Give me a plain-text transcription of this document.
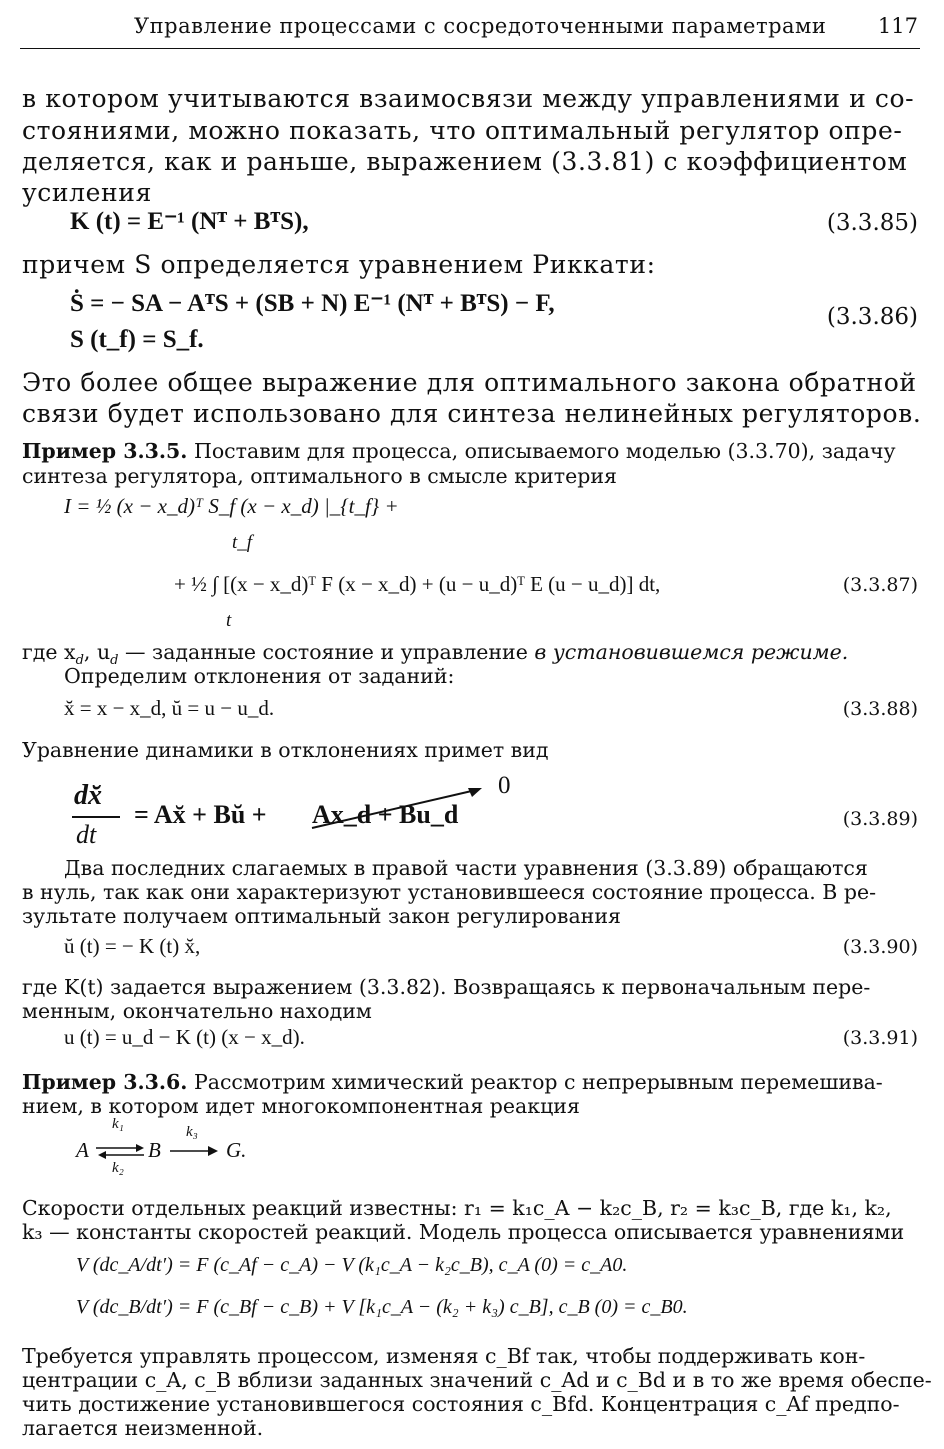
Управление процессами с сосредоточенными параметрами 117
в котором учитываются взаимосвязи между управлениями и со-
стояниями, можно показать, что оптимальный регулятор опре-
деляется, как и раньше, выражением (3.3.81) с коэффициентом
усиления
K (t) = E⁻¹ (Nᵀ + BᵀS),	(3.3.85)
причем S определяется уравнением Риккати:
Ṡ = − SA − AᵀS + (SB + N) E⁻¹ (Nᵀ + BᵀS) − F,
S (t_f) = S_f.
(3.3.86)
Это более общее выражение для оптимального закона обратной
связи будет использовано для синтеза нелинейных регуляторов.
Пример 3.3.5. Поставим для процесса, описываемого моделью (3.3.70), задачу
синтеза регулятора, оптимального в смысле критерия
I = ½ (x − x_d)ᵀ S_f (x − x_d) |_{t_f} +
t_f
+ ½ ∫ [(x − x_d)ᵀ F (x − x_d) + (u − u_d)ᵀ E (u − u_d)] dt,
t
(3.3.87)
где $x_d$, $u_d$ — заданные состояние и управление в установившемся режиме.
Определим отклонения от заданий:
x̆ = x − x_d, ŭ = u − u_d.	(3.3.88)
Уравнение динамики в отклонениях примет вид
dx̆
dt
= Ax̆ + Bŭ + Ax_d + Bu_d
0
(3.3.89)
Два последних слагаемых в правой части уравнения (3.3.89) обращаются
в нуль, так как они характеризуют установившееся состояние процесса. В ре-
зультате получаем оптимальный закон регулирования
ŭ (t) = − K (t) x̆,	(3.3.90)
где K(t) задается выражением (3.3.82). Возвращаясь к первоначальным пере-
менным, окончательно находим
u (t) = u_d − K (t) (x − x_d).	(3.3.91)
Пример 3.3.6. Рассмотрим химический реактор с непрерывным перемешива-
нием, в котором идет многокомпонентная реакция
A	B	G.
k₁
k₂
k₃
Скорости отдельных реакций известны: r₁ = k₁c_A − k₂c_B, r₂ = k₃c_B, где k₁, k₂,
k₃ — константы скоростей реакций. Модель процесса описывается уравнениями
V (dc_A/dt′) = F (c_Af − c_A) − V (k₁c_A − k₂c_B), c_A (0) = c_A0.
V (dc_B/dt′) = F (c_Bf − c_B) + V [k₁c_A − (k₂ + k₃) c_B], c_B (0) = c_B0.
Требуется управлять процессом, изменяя c_Bf так, чтобы поддерживать кон-
центрации c_A, c_B вблизи заданных значений c_Ad и c_Bd и в то же время обеспе-
чить достижение установившегося состояния c_Bfd. Концентрация c_Af предпо-
лагается неизменной.
